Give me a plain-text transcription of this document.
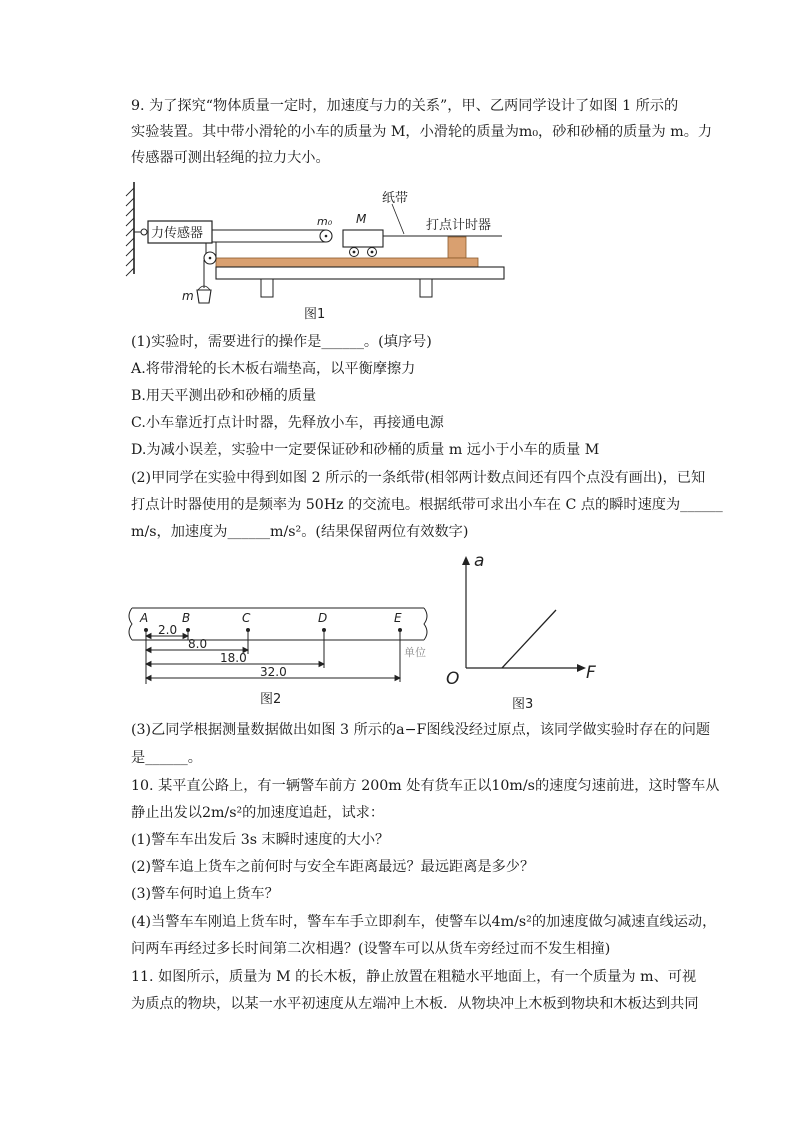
9. 为了探究“物体质量一定时，加速度与力的关系”，甲、乙两同学设计了如图 1 所示的
实验装置。其中带小滑轮的小车的质量为 M，小滑轮的质量为m₀，砂和砂桶的质量为 m。力
传感器可测出轻绳的拉力大小。
力传感器
m₀ M
纸带
打点计时器
m
图1
(1)实验时，需要进行的操作是______。(填序号)
A.将带滑轮的长木板右端垫高，以平衡摩擦力
B.用天平测出砂和砂桶的质量
C.小车靠近打点计时器，先释放小车，再接通电源
D.为减小误差，实验中一定要保证砂和砂桶的质量 m 远小于小车的质量 M
(2)甲同学在实验中得到如图 2 所示的一条纸带(相邻两计数点间还有四个点没有画出)，已知
打点计时器使用的是频率为 50Hz 的交流电。根据纸带可求出小车在 C 点的瞬时速度为______
m/s，加速度为______m/s²。(结果保留两位有效数字)
A	B	C	D	E
2.0
8.0
18.0
32.0
单位
图2
a
F
O
图3
(3)乙同学根据测量数据做出如图 3 所示的a−F图线没经过原点，该同学做实验时存在的问题
是______。
10. 某平直公路上，有一辆警车前方 200m 处有货车正以10m/s的速度匀速前进，这时警车从
静止出发以2m/s²的加速度追赶，试求：
(1)警车车出发后 3s 末瞬时速度的大小？
(2)警车追上货车之前何时与安全车距离最远？最远距离是多少？
(3)警车何时追上货车？
(4)当警车车刚追上货车时，警车车手立即刹车，使警车以4m/s²的加速度做匀减速直线运动，
问两车再经过多长时间第二次相遇？(设警车可以从货车旁经过而不发生相撞)
11. 如图所示，质量为 M 的长木板，静止放置在粗糙水平地面上，有一个质量为 m、可视
为质点的物块，以某一水平初速度从左端冲上木板．从物块冲上木板到物块和木板达到共同
